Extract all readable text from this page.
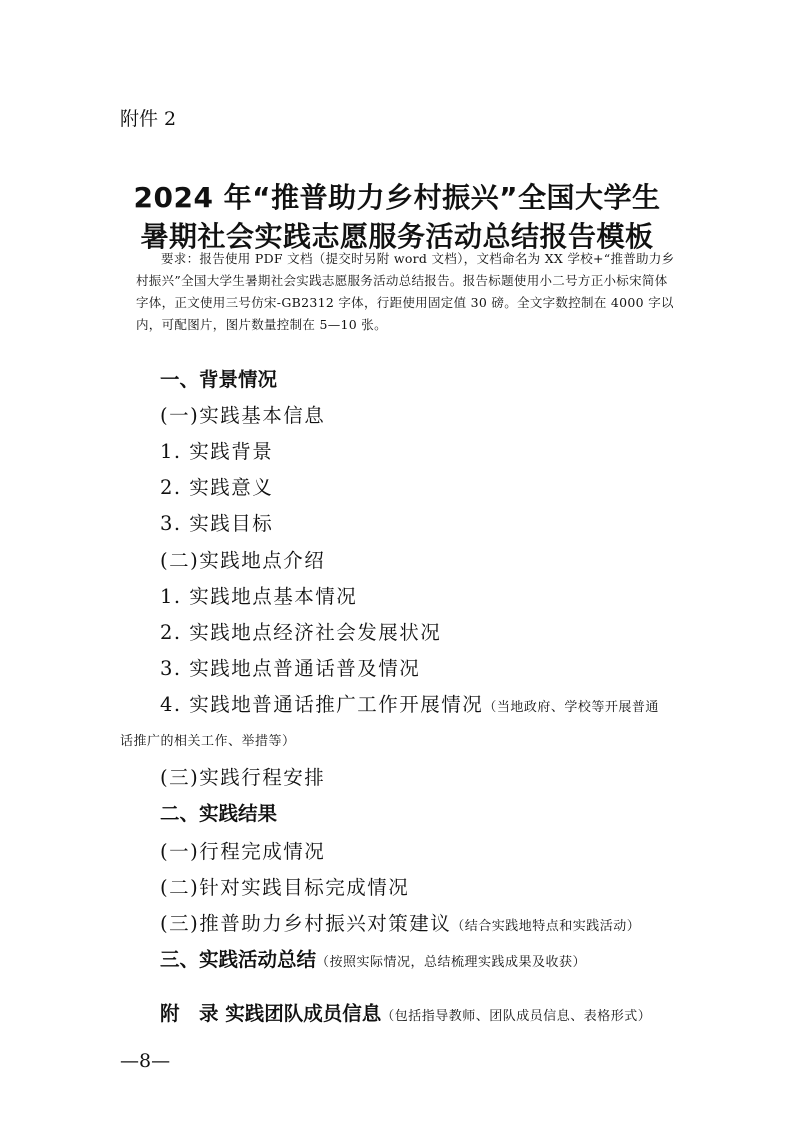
附件 2
2024 年“推普助力乡村振兴”全国大学生
暑期社会实践志愿服务活动总结报告模板
要求：报告使用 PDF 文档（提交时另附 word 文档），文档命名为 XX 学校+“推普助力乡村振兴”全国大学生暑期社会实践志愿服务活动总结报告。报告标题使用小二号方正小标宋简体字体，正文使用三号仿宋-GB2312 字体，行距使用固定值 30 磅。全文字数控制在 4000 字以内，可配图片，图片数量控制在 5—10 张。
一、背景情况
(一)实践基本信息
1. 实践背景
2. 实践意义
3. 实践目标
(二)实践地点介绍
1. 实践地点基本情况
2. 实践地点经济社会发展状况
3. 实践地点普通话普及情况
4. 实践地普通话推广工作开展情况（当地政府、学校等开展普通
话推广的相关工作、举措等）
(三)实践行程安排
二、实践结果
(一)行程完成情况
(二)针对实践目标完成情况
(三)推普助力乡村振兴对策建议（结合实践地特点和实践活动）
三、实践活动总结（按照实际情况，总结梳理实践成果及收获）
附　录 实践团队成员信息（包括指导教师、团队成员信息、表格形式）
—8—
